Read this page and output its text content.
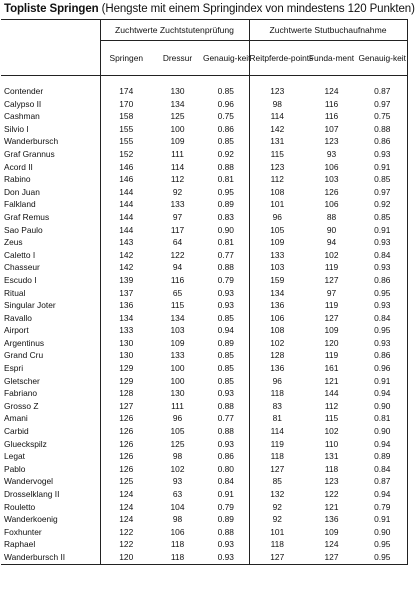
Topliste Springen (Hengste mit einem Springindex von mindestens 120 Punkten)
	Zuchtwerte Zuchtstutenprüfung			Zuchtwerte Stutbuchaufnahme		
	Springen	Dressur	Genauig-keit	Reitpferde-points	Funda-ment	Genauig-keit

Contender	174	130	0.85	123	124	0.87
Calypso II	170	134	0.96	98	116	0.97
Cashman	158	125	0.75	114	116	0.75
Silvio I	155	100	0.86	142	107	0.88
Wanderbursch	155	109	0.85	131	123	0.86
Graf Grannus	152	111	0.92	115	93	0.93
Acord II	146	114	0.88	123	106	0.91
Rabino	146	112	0.81	112	103	0.85
Don Juan	144	92	0.95	108	126	0.97
Falkland	144	133	0.89	101	106	0.92
Graf Remus	144	97	0.83	96	88	0.85
Sao Paulo	144	117	0.90	105	90	0.91
Zeus	143	64	0.81	109	94	0.93
Caletto I	142	122	0.77	133	102	0.84
Chasseur	142	94	0.88	103	119	0.93
Escudo I	139	116	0.79	159	127	0.86
Ritual	137	65	0.93	134	97	0.95
Singular Joter	136	115	0.93	136	119	0.93
Ravallo	134	134	0.85	106	127	0.84
Airport	133	103	0.94	108	109	0.95
Argentinus	130	109	0.89	102	120	0.93
Grand Cru	130	133	0.85	128	119	0.86
Espri	129	100	0.85	136	161	0.96
Gletscher	129	100	0.85	96	121	0.91
Fabriano	128	130	0.93	118	144	0.94
Grosso Z	127	111	0.88	83	112	0.90
Amani	126	96	0.77	81	115	0.81
Carbid	126	105	0.88	114	102	0.90
Glueckspilz	126	125	0.93	119	110	0.94
Legat	126	98	0.86	118	131	0.89
Pablo	126	102	0.80	127	118	0.84
Wandervogel	125	93	0.84	85	123	0.87
Drosselklang II	124	63	0.91	132	122	0.94
Rouletto	124	104	0.79	92	121	0.79
Wanderkoenig	124	98	0.89	92	136	0.91
Foxhunter	122	106	0.88	101	109	0.90
Raphael	122	118	0.93	118	124	0.95
Wanderbursch II	120	118	0.93	127	127	0.95
